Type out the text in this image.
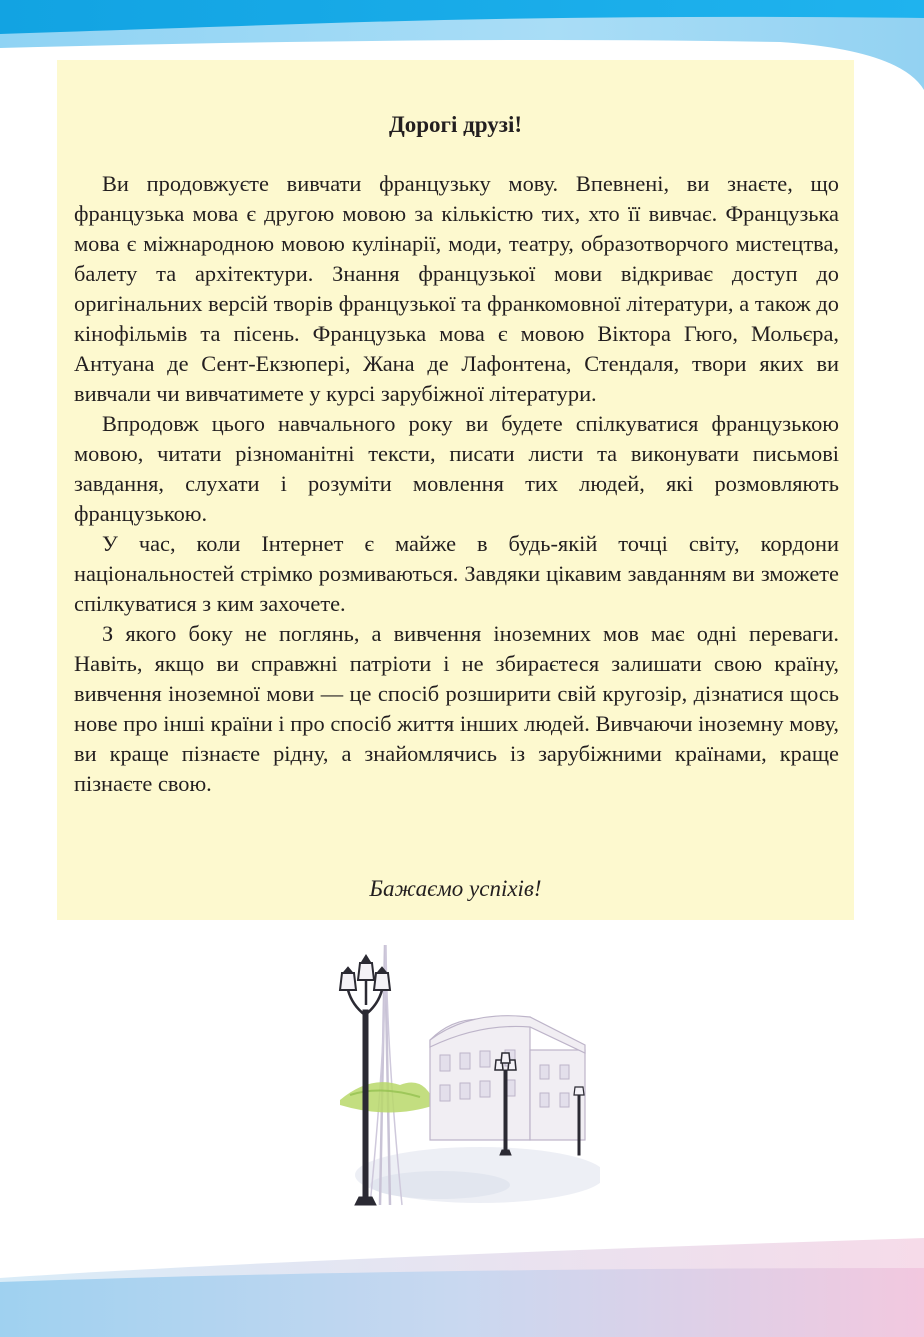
Дорогі друзі!

Ви продовжуєте вивчати французьку мову. Впевнені, ви знаєте, що французька мова є другою мовою за кількістю тих, хто її вивчає. Французька мова є міжнародною мовою кулінарії, моди, театру, образотворчого мистецтва, балету та архітектури. Знання французької мови відкриває доступ до оригінальних версій творів французької та франкомовної літератури, а також до кінофільмів та пісень. Французька мова є мовою Віктора Гюго, Мольєра, Антуана де Сент-Екзюпері, Жана де Лафонтена, Стендаля, твори яких ви вивчали чи вивчатимете у курсі зарубіжної літератури.

Впродовж цього навчального року ви будете спілкуватися французькою мовою, читати різноманітні тексти, писати листи та виконувати письмові завдання, слухати і розуміти мовлення тих людей, які розмовляють французькою.

У час, коли Інтернет є майже в будь-якій точці світу, кордони національностей стрімко розмиваються. Завдяки цікавим завданням ви зможете спілкуватися з ким захочете.

З якого боку не поглянь, а вивчення іноземних мов має одні переваги. Навіть, якщо ви справжні патріоти і не збираєтеся залишати свою країну, вивчення іноземної мови — це спосіб розширити свій кругозір, дізнатися щось нове про інші країни і про спосіб життя інших людей. Вивчаючи іноземну мову, ви краще пізнаєте рідну, а знайомлячись із зарубіжними країнами, краще пізнаєте свою.

Бажаємо успіхів!
